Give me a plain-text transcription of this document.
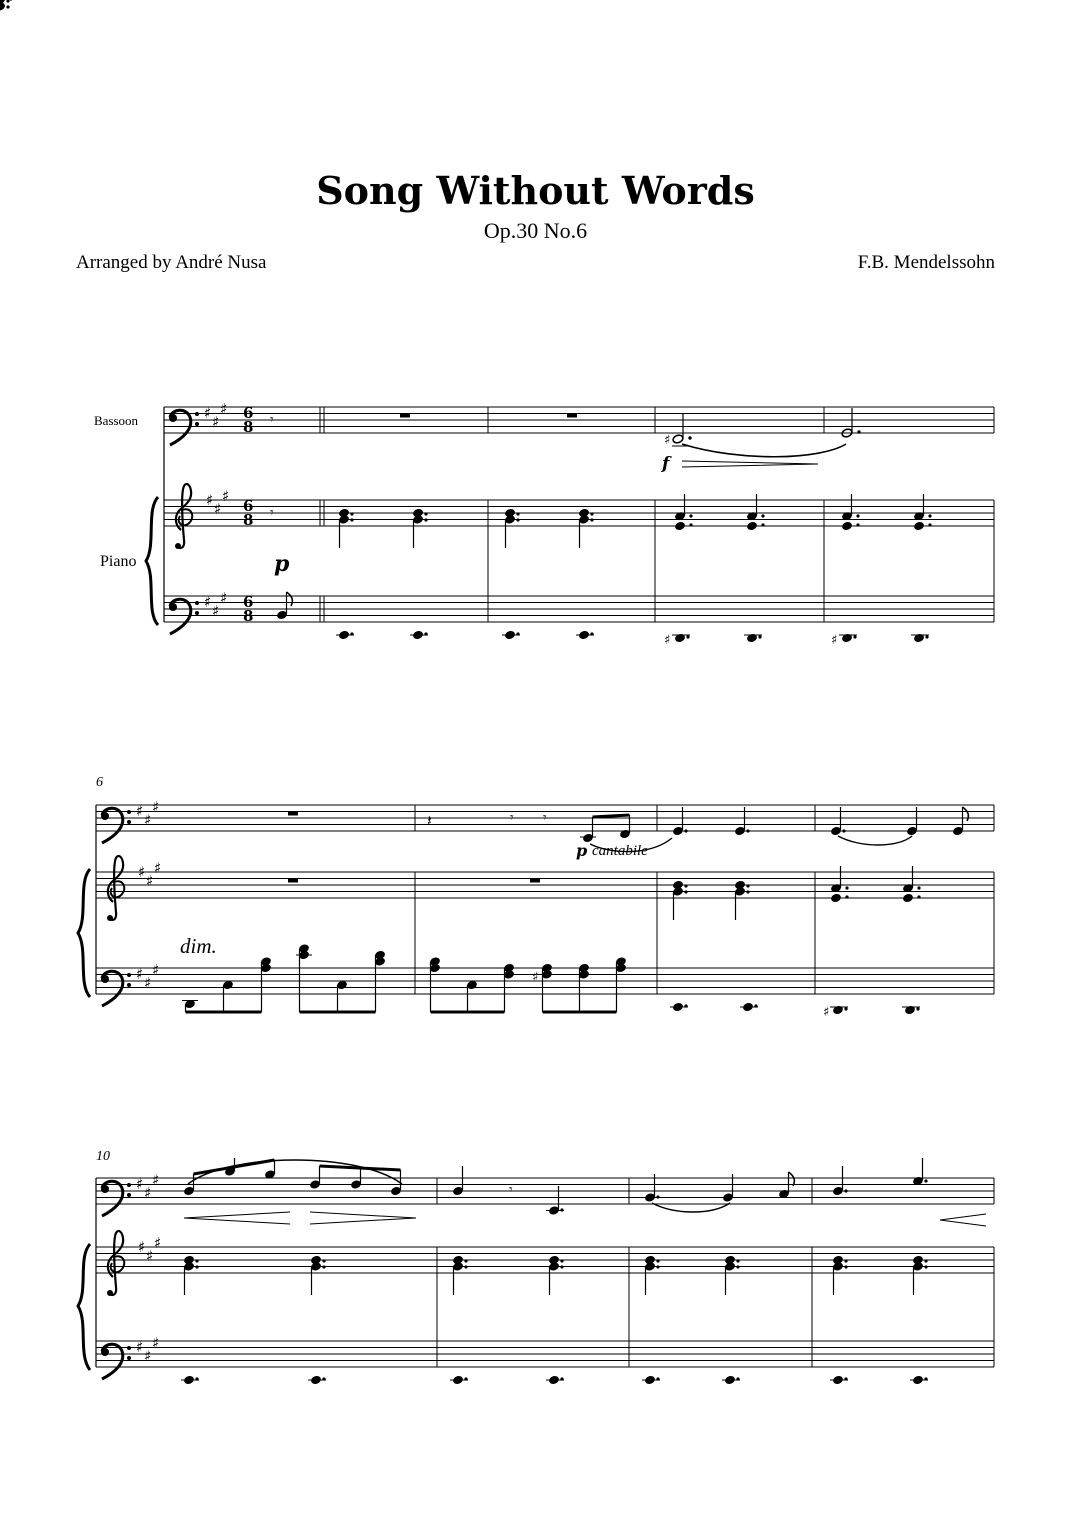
Song Without Words
Op.30 No.6
Arranged by André Nusa	F.B. Mendelssohn
Bassoon
Piano
♯ ♯
♯
♯ ♯
♯
♯ ♯
♯
6
8
6
8
6
8
𝄾
𝄾
p
♯
f
♯	♯
6
♯ ♯
♯
♯ ♯
♯
♯ ♯
♯
𝄽	𝄾 𝄾
p cantabile
dim.
♯
♯
10
♯ ♯
♯
♯ ♯
♯
♯ ♯
♯
𝄾
